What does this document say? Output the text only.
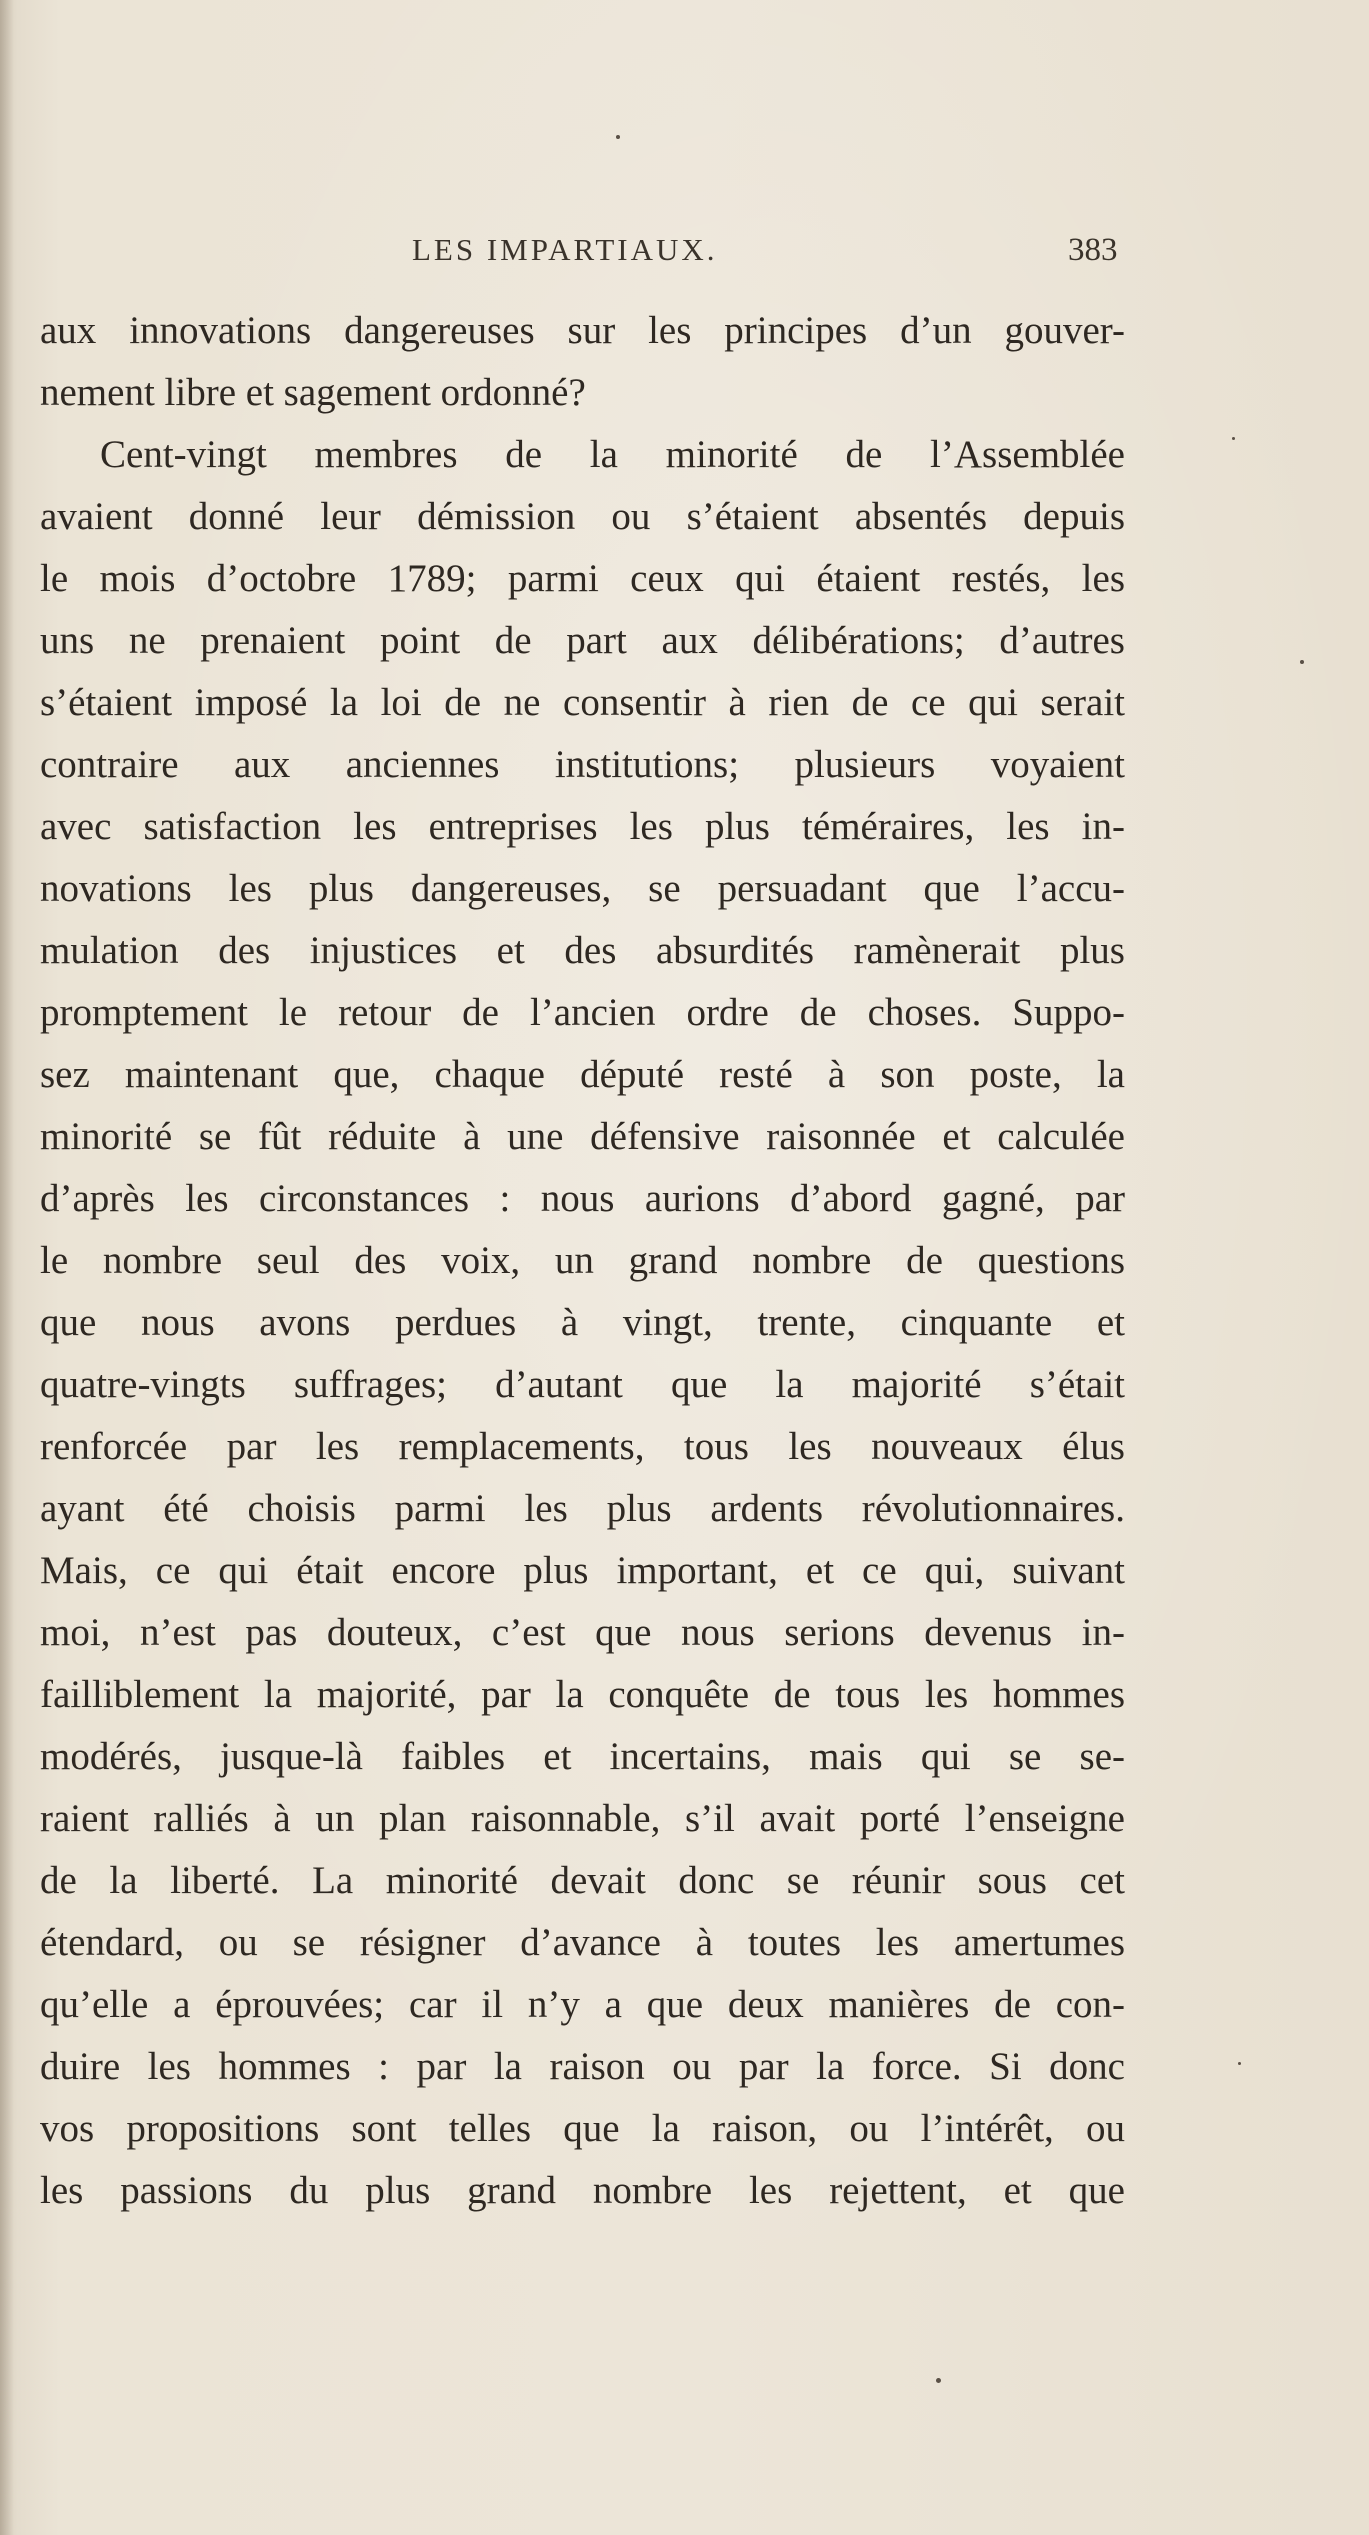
LES IMPARTIAUX.	383
aux innovations dangereuses sur les principes d’un gouver-
nement libre et sagement ordonné?
Cent-vingt membres de la minorité de l’Assemblée
avaient donné leur démission ou s’étaient absentés depuis
le mois d’octobre 1789; parmi ceux qui étaient restés, les
uns ne prenaient point de part aux délibérations; d’autres
s’étaient imposé la loi de ne consentir à rien de ce qui serait
contraire aux anciennes institutions; plusieurs voyaient
avec satisfaction les entreprises les plus téméraires, les in-
novations les plus dangereuses, se persuadant que l’accu-
mulation des injustices et des absurdités ramènerait plus
promptement le retour de l’ancien ordre de choses. Suppo-
sez maintenant que, chaque député resté à son poste, la
minorité se fût réduite à une défensive raisonnée et calculée
d’après les circonstances : nous aurions d’abord gagné, par
le nombre seul des voix, un grand nombre de questions
que nous avons perdues à vingt, trente, cinquante et
quatre-vingts suffrages; d’autant que la majorité s’était
renforcée par les remplacements, tous les nouveaux élus
ayant été choisis parmi les plus ardents révolutionnaires.
Mais, ce qui était encore plus important, et ce qui, suivant
moi, n’est pas douteux, c’est que nous serions devenus in-
failliblement la majorité, par la conquête de tous les hommes
modérés, jusque-là faibles et incertains, mais qui se se-
raient ralliés à un plan raisonnable, s’il avait porté l’enseigne
de la liberté. La minorité devait donc se réunir sous cet
étendard, ou se résigner d’avance à toutes les amertumes
qu’elle a éprouvées; car il n’y a que deux manières de con-
duire les hommes : par la raison ou par la force. Si donc
vos propositions sont telles que la raison, ou l’intérêt, ou
les passions du plus grand nombre les rejettent, et que
